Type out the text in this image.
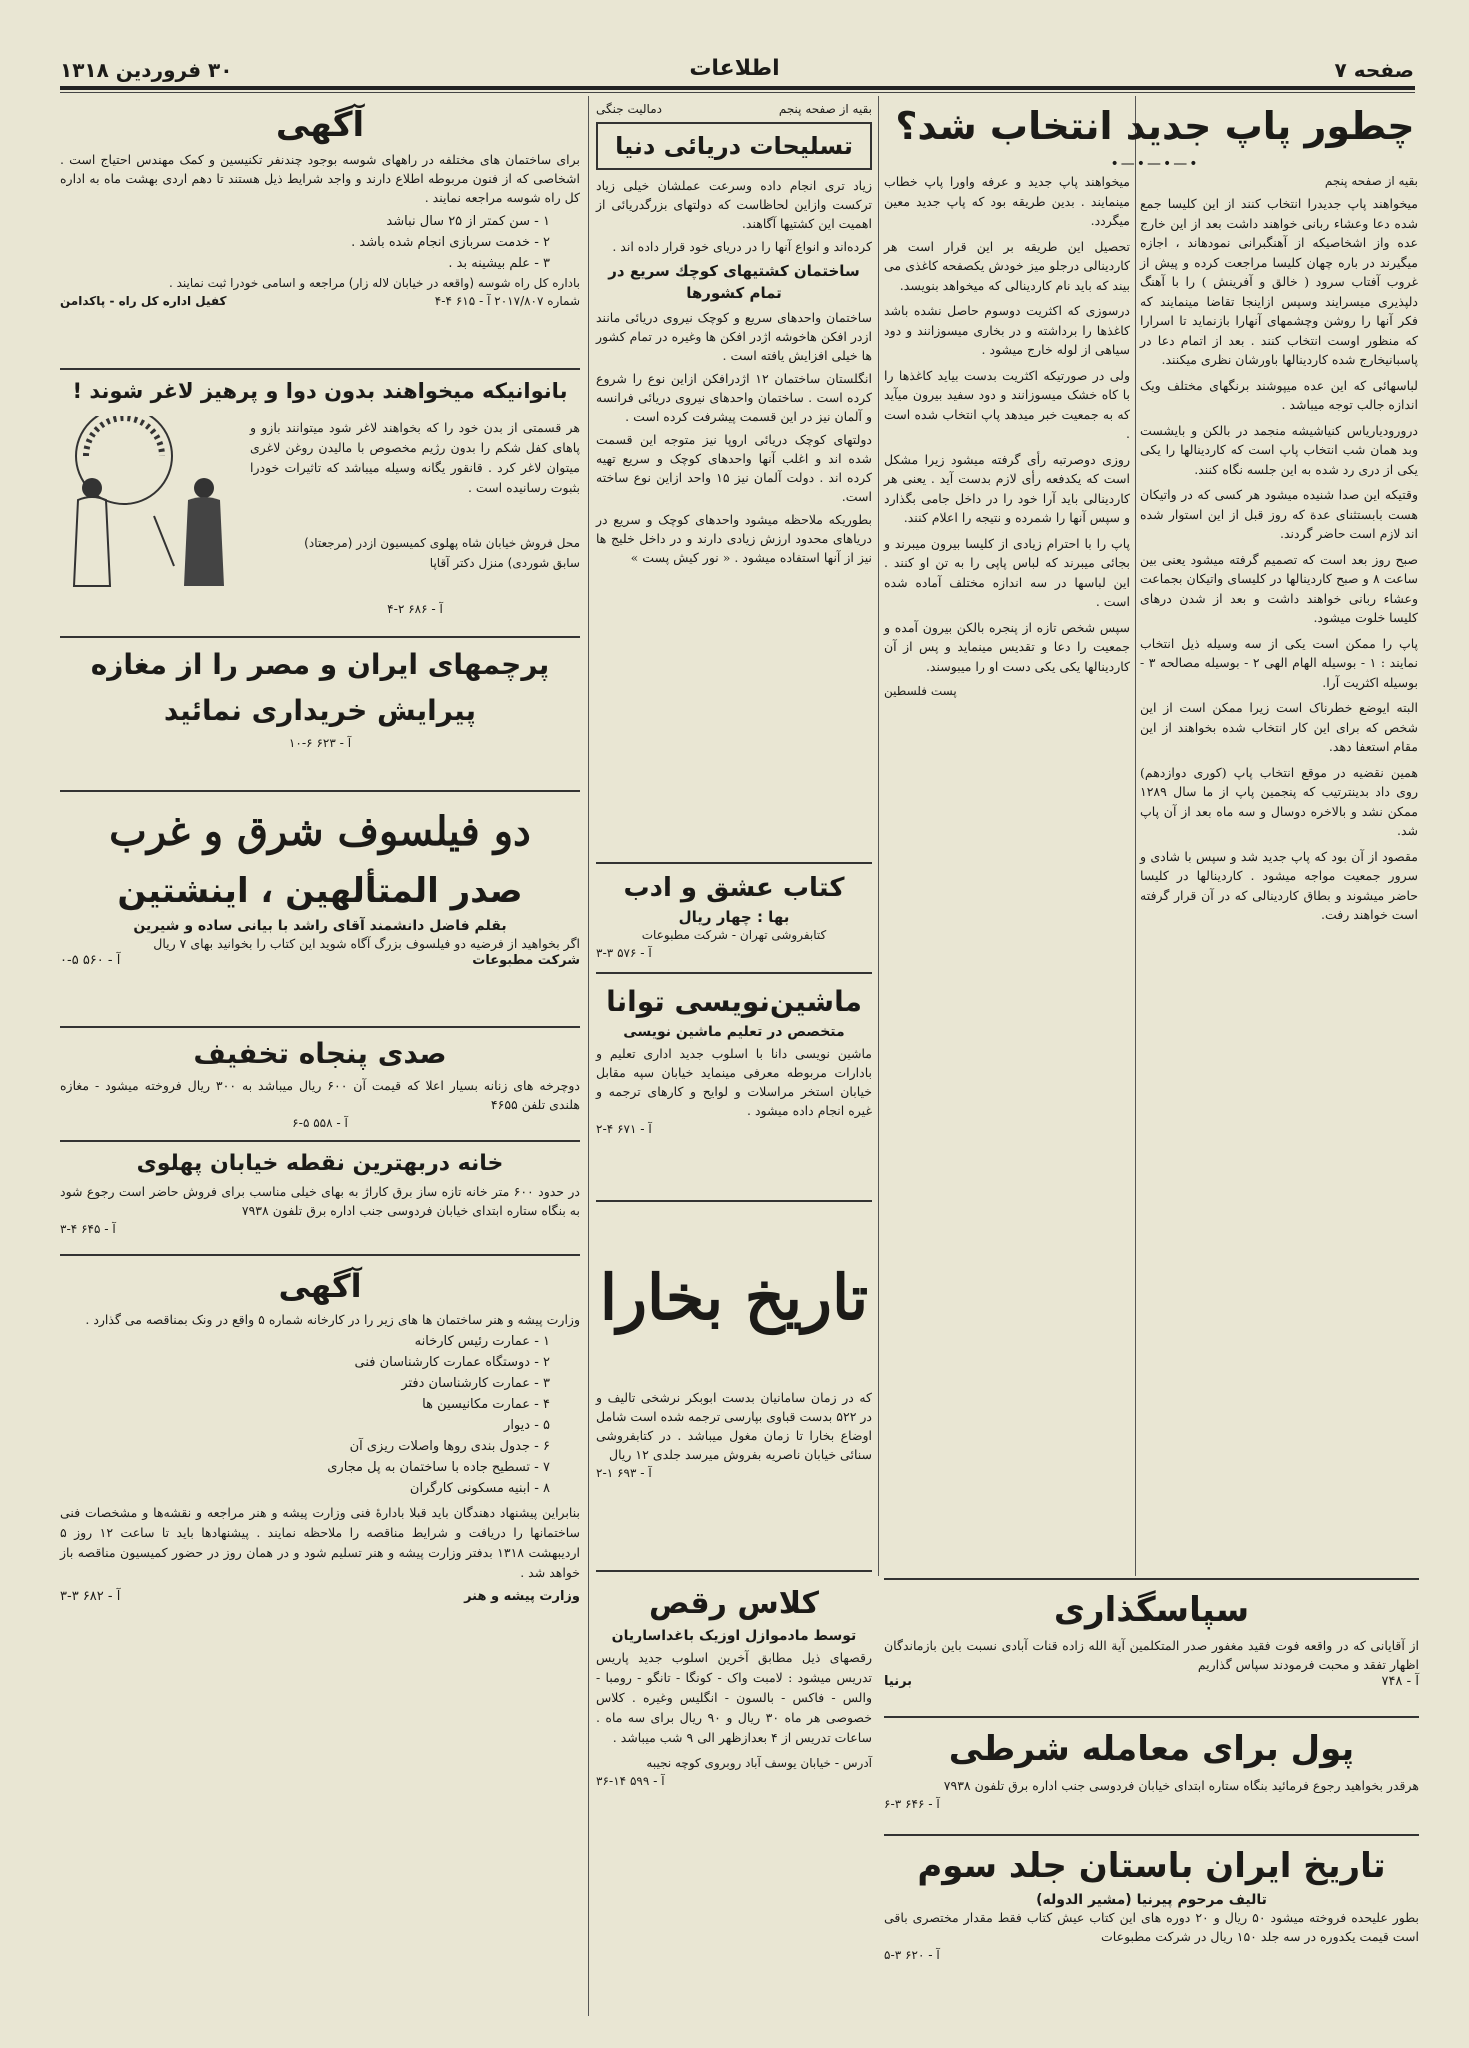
صفحه ۷
اطلاعات
۳۰ فروردین ۱۳۱۸
چطور پاپ جدید انتخاب شد؟
•—•—•—•
بقیه از صفحه پنجم

میخواهند پاپ جدیدرا انتخاب کنند از این کلیسا جمع شده دعا وعشاء ربانی خواهند داشت بعد از این خارج عده واز اشخاصیکه از آهنگبرانی نمودهاند ، اجازه میگیرند در باره چهان کلیسا مراجعت کرده و پیش از غروب آفتاب سرود ( خالق و آفرینش ) را با آهنگ دلپذیری میسرایند وسپس ازاینجا تقاضا مینمایند که فکر آنها را روشن وچشمهای آنهارا بازنماید تا اسرارا که منظور اوست انتخاب کنند . بعد از اتمام دعا در پاسبانیخارج شده کاردینالها باورشان نظری میکنند.

لباسهائی که این عده میپوشند برنگهای مختلف ویک اندازه جالب توجه میباشد .

درورودیاریاس کنیاشیشه منجمد در بالکن و بایشست وبد همان شب انتخاب پاپ است که کاردینالها را یکی یکی از دری رد شده به این جلسه نگاه کنند.

وقتیکه این صدا شنیده میشود هر کسی که در واتیکان هست بابستثنای عدة که روز قبل از این استوار شده اند لازم است حاضر گردند.

صبح روز بعد است که تصمیم گرفته میشود یعنی بین ساعت ۸ و صبح کاردینالها در کلیسای واتیکان بجماعت وعشاء ربانی خواهند داشت و بعد از شدن درهای کلیسا خلوت میشود.

پاپ را ممکن است یکی از سه وسیله ذیل انتخاب نمایند : ۱ - بوسیله الهام الهی ۲ - بوسیله مصالحه ۳ - بوسیله اکثریت آرا.

البته ایوضع خطرناک است زیرا ممکن است از این شخص که برای این کار انتخاب شده بخواهند از این مقام استعفا دهد.

همین نقضیه در موقع انتخاب پاپ (کوری دوازدهم) روی داد بدینترتیب که پنجمین پاپ از ما سال ۱۲۸۹ ممکن نشد و بالاخره دوسال و سه ماه بعد از آن پاپ شد.

مقصود از آن بود که پاپ جدید شد و سپس با شادی و سرور جمعیت مواجه میشود . کاردینالها در کلیسا حاضر میشوند و بطاق کاردینالی که در آن قرار گرفته است خواهند رفت.

میخواهند پاپ جدید و عرفه واورا پاپ خطاب مینمایند . بدین طریقه بود که پاپ جدید معین میگردد.

تحصیل این طریقه بر این قرار است هر کاردینالی درجلو میز خودش یکصفحه کاغذی می بیند که باید نام کاردینالی که میخواهد بنویسد.

درسوزی که اکثریت دوسوم حاصل نشده باشد کاغذها را برداشته و در بخاری میسوزانند و دود سیاهی از لوله خارج میشود .

ولی در صورتیکه اکثریت بدست بیاید کاغذها را با کاه خشک میسوزانند و دود سفید بیرون میآید که به جمعیت خبر میدهد پاپ انتخاب شده است .

روزی دوصرتبه رأی گرفته میشود زیرا مشکل است که یکدفعه رأی لازم بدست آید . یعنی هر کاردینالی باید آرا خود را در داخل جامی بگذارد و سپس آنها را شمرده و نتیجه را اعلام کنند.

پاپ را با احترام زیادی از کلیسا بیرون میبرند و بجائی میبرند که لباس پاپی را به تن او کنند . این لباسها در سه اندازه مختلف آماده شده است .

سپس شخص تازه از پنجره بالکن بیرون آمده و جمعیت را دعا و تقدیس مینماید و پس از آن کاردینالها یکی یکی دست او را میبوسند.

پست فلسطین
بقیه از صفحه پنجم
دمالیت جنگی
تسلیحات دریائی دنیا

زیاد تری انجام داده وسرعت عملشان خیلی زیاد ترکست وازاین لحاظاست که دولتهای بزرگدریائی از اهمیت این کشتیها آگاهند.

کرده‌اند و انواع آنها را در دریای خود قرار داده اند .

ساختمان کشتیهای کوچك سریع در تمام کشورها

ساختمان واحدهای سریع و کوچک نیروی دریائی مانند ازدر افکن هاخوشه اژدر افکن ها وغیره در تمام کشور ها خیلی افزایش یافته است .

انگلستان ساختمان ۱۲ اژدرافکن ازاین نوع را شروع کرده است . ساختمان واحدهای نیروی دریائی فرانسه و آلمان نیز در این قسمت پیشرفت کرده است .

دولتهای کوچک دریائی اروپا نیز متوجه این قسمت شده اند و اغلب آنها واحدهای کوچک و سریع تهیه کرده اند . دولت آلمان نیز ۱۵ واحد ازاین نوع ساخته است.

بطوریکه ملاحظه میشود واحدهای کوچک و سریع در دریاهای محدود ارزش زیادی دارند و در داخل خلیج ها نیز از آنها استفاده میشود . « نور کیش پست »

کتاب عشق و ادب
بها : چهار ریال
کتابفروشی تهران - شرکت مطبوعات
آ - ۵۷۶ ۳-۳
ماشین‌نویسی توانا
متخصص در تعلیم ماشین نویسی
ماشین نویسی دانا با اسلوب جدید اداری تعلیم و بادارات مربوطه معرفی مینماید خیابان سپه مقابل خیابان استخر مراسلات و لوایح و کارهای ترجمه و غیره انجام داده میشود .
آ - ۶۷۱ ۴-۲
تاریخ بخارا
که در زمان سامانیان بدست ابوبکر نرشخی تالیف و در ۵۲۲ بدست قباوی بپارسی ترجمه شده است شامل اوضاع بخارا تا زمان مغول میباشد . در کتابفروشی سنائی خیابان ناصریه بفروش میرسد جلدی ۱۲ ریال
آ - ۶۹۳ ۱-۲
کلاس رقص
توسط مادموازل اوزیک باغداساریان
رقصهای ذیل مطابق آخرین اسلوب جدید پاریس تدریس میشود : لامبت واک - کونگا - تانگو - رومبا - والس - فاکس - بالسون - انگلیس وغیره . کلاس خصوصی هر ماه ۳۰ ریال و ۹۰ ریال برای سه ماه . ساعات تدریس از ۴ بعدازظهر الی ۹ شب میباشد .
آدرس - خیابان یوسف آباد روبروی کوچه نجیبه
آ - ۵۹۹ ۱۴-۳۶
آگهی
برای ساختمان های مختلفه در راههای شوسه بوجود چندنفر تکنیسین و کمک مهندس احتیاج است . اشخاصی که از فنون مربوطه اطلاع دارند و واجد شرایط ذیل هستند تا دهم اردی بهشت ماه به اداره کل راه شوسه مراجعه نمایند .
۱ - سن کمتر از ۲۵ سال نباشد
۲ - خدمت سربازی انجام شده باشد .
۳ - علم بیشینه بد .
باداره کل راه شوسه (واقعه در خیابان لاله زار) مراجعه و اسامی خودرا ثبت نمایند .
شماره ۲۰۱۷/۸۰۷ آ - ۶۱۵ ۴-۴
کفیل اداره کل راه - پاکدامن
بانوانیکه میخواهند بدون دوا و پرهیز لاغر شوند !
هر قسمتی از بدن خود را که بخواهند لاغر شود میتوانند بازو و پاهای کفل شکم را بدون رژیم مخصوص با مالیدن روغن لاغری میتوان لاغر کرد . قانقور یگانه وسیله میباشد که تاثیرات خودرا بثبوت رسانیده است .
محل فروش خیابان شاه پهلوی کمیسیون ازدر (مرجعتاد)
سابق شوردی) منزل دکتر آقاپا
آ - ۶۸۶ ۲-۴
پرچمهای ایران و مصر را از مغازه
پیرایش خریداری نمائید
آ - ۶۲۳ ۶-۱۰
دو فیلسوف شرق و غرب
صدر المتألهین ، اینشتین
بقلم فاضل دانشمند آقای راشد با بیانی ساده و شیرین
اگر بخواهید از فرضیه دو فیلسوف بزرگ آگاه شوید این کتاب را بخوانید بهای ۷ ریال
شرکت مطبوعات
آ - ۵۶۰ ۵-۰
صدی پنجاه تخفیف
دوچرخه های زنانه بسیار اعلا که قیمت آن ۶۰۰ ریال میباشد به ۳۰۰ ریال فروخته میشود - مغازه هلندی تلفن ۴۶۵۵
آ - ۵۵۸ ۵-۶
خانه دربهترین نقطه خیابان پهلوی
در حدود ۶۰۰ متر خانه تازه ساز برق کاراژ به بهای خیلی مناسب برای فروش حاضر است رجوع شود به بنگاه ستاره ابتدای خیابان فردوسی جنب اداره برق تلفون ۷۹۳۸
آ - ۶۴۵ ۴-۳
آگهی
وزارت پیشه و هنر ساختمان ها های زیر را در کارخانه شماره ۵ واقع در ونک بمناقصه می گذارد .
۱ - عمارت رئیس کارخانه
۲ - دوستگاه عمارت کارشناسان فنی
۳ - عمارت کارشناسان دفتر
۴ - عمارت مکانیسین ها
۵ - دیوار
۶ - جدول بندی روها واصلات ریزی آن
۷ - تسطیح جاده با ساختمان به پل مجاری
۸ - ابنیه مسکونی کارگران
بنابراین پیشنهاد دهندگان باید قبلا بادارهٔ فنی وزارت پیشه و هنر مراجعه و نقشه‌ها و مشخصات فنی ساختمانها را دریافت و شرایط مناقصه را ملاحظه نمایند . پیشنهادها باید تا ساعت ۱۲ روز ۵ اردیبهشت ۱۳۱۸ بدفتر وزارت پیشه و هنر تسلیم شود و در همان روز در حضور کمیسیون مناقصه باز خواهد شد .
وزارت پیشه و هنر
آ - ۶۸۲ ۳-۳	سپاسگذاری
از آقایانی که در واقعه فوت فقید مغفور صدر المتکلمین آیة الله زاده قنات آبادی نسبت باین بازماندگان اظهار تفقد و محبت فرمودند سپاس گذاریم
آ - ۷۴۸
برنیا
پول برای معامله شرطی
هرقدر بخواهید رجوع فرمائید بنگاه ستاره ابتدای خیابان فردوسی جنب اداره برق تلفون ۷۹۳۸
آ - ۶۴۶ ۳-۶
تاریخ ایران باستان جلد سوم
تالیف مرحوم پیرنیا (مشیر الدوله)
بطور علیحده فروخته میشود ۵۰ ریال و ۲۰ دوره های این کتاب عیش کتاب فقط مقدار مختصری باقی است قیمت یکدوره در سه جلد ۱۵۰ ریال در شرکت مطبوعات
آ - ۶۲۰ ۳-۵
